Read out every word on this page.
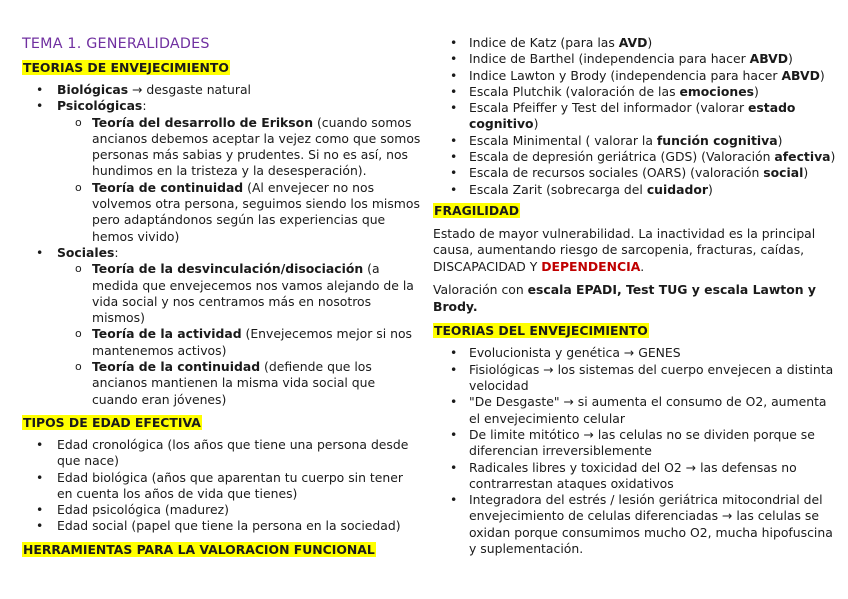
TEMA 1. GENERALIDADES
TEORIAS DE ENVEJECIMIENTO
• Biológicas → desgaste natural
• Psicológicas:
o Teoría del desarrollo de Erikson (cuando somos ancianos debemos aceptar la vejez como que somos personas más sabias y prudentes. Si no es así, nos hundimos en la tristeza y la desesperación).
o Teoría de continuidad (Al envejecer no nos volvemos otra persona, seguimos siendo los mismos pero adaptándonos según las experiencias que hemos vivido)
• Sociales:
o Teoría de la desvinculación/disociación (a medida que envejecemos nos vamos alejando de la vida social y nos centramos más en nosotros mismos)
o Teoría de la actividad (Envejecemos mejor si nos mantenemos activos)
o Teoría de la continuidad (defiende que los ancianos mantienen la misma vida social que cuando eran jóvenes)
TIPOS DE EDAD EFECTIVA
• Edad cronológica (los años que tiene una persona desde que nace)
• Edad biológica (años que aparentan tu cuerpo sin tener en cuenta los años de vida que tienes)
• Edad psicológica (madurez)
• Edad social (papel que tiene la persona en la sociedad)
HERRAMIENTAS PARA LA VALORACION FUNCIONAL
• Indice de Katz (para las AVD)
• Indice de Barthel (independencia para hacer ABVD)
• Indice Lawton y Brody (independencia para hacer ABVD)
• Escala Plutchik (valoración de las emociones)
• Escala Pfeiffer y Test del informador (valorar estado cognitivo)
• Escala Minimental ( valorar la función cognitiva)
• Escala de depresión geriátrica (GDS) (Valoración afectiva)
• Escala de recursos sociales (OARS) (valoración social)
• Escala Zarit (sobrecarga del cuidador)
FRAGILIDAD

Estado de mayor vulnerabilidad. La inactividad es la principal causa, aumentando riesgo de sarcopenia, fracturas, caídas, DISCAPACIDAD Y DEPENDENCIA.

Valoración con escala EPADI, Test TUG y escala Lawton y Brody.

TEORIAS DEL ENVEJECIMIENTO
• Evolucionista y genética → GENES
• Fisiológicas → los sistemas del cuerpo envejecen a distinta velocidad
• "De Desgaste" → si aumenta el consumo de O2, aumenta el envejecimiento celular
• De limite mitótico → las celulas no se dividen porque se diferencian irreversiblemente
• Radicales libres y toxicidad del O2 → las defensas no contrarrestan ataques oxidativos
• Integradora del estrés / lesión geriátrica mitocondrial del envejecimiento de celulas diferenciadas → las celulas se oxidan porque consumimos mucho O2, mucha hipofuscina y suplementación.
